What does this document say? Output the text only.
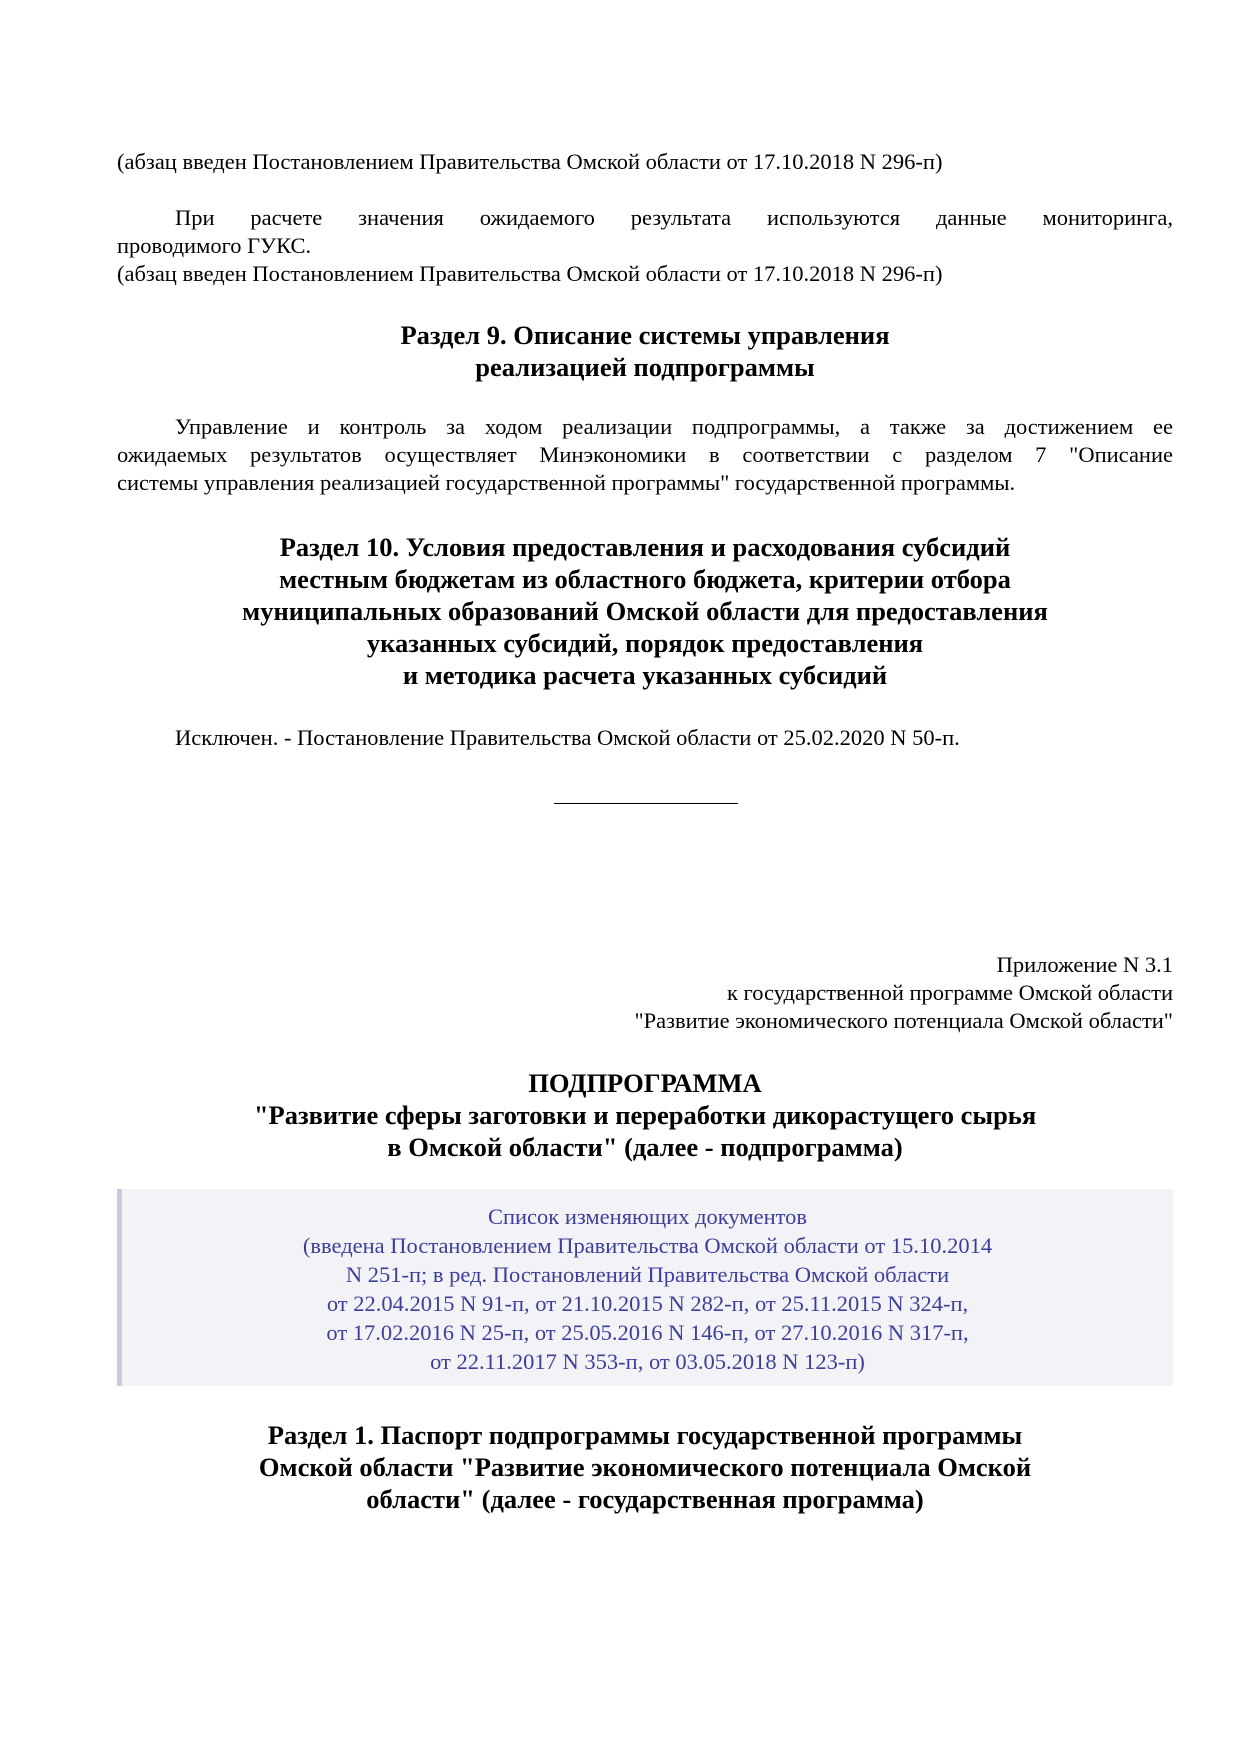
(абзац введен Постановлением Правительства Омской области от 17.10.2018 N 296-п)

При расчете значения ожидаемого результата используются данные мониторинга,

проводимого ГУКС.

(абзац введен Постановлением Правительства Омской области от 17.10.2018 N 296-п)

Раздел 9. Описание системы управления
реализацией подпрограммы

Управление и контроль за ходом реализации подпрограммы, а также за достижением ее

ожидаемых результатов осуществляет Минэкономики в соответствии с разделом 7 "Описание

системы управления реализацией государственной программы" государственной программы.

Раздел 10. Условия предоставления и расходования субсидий
местным бюджетам из областного бюджета, критерии отбора
муниципальных образований Омской области для предоставления
указанных субсидий, порядок предоставления
и методика расчета указанных субсидий

Исключен. - Постановление Правительства Омской области от 25.02.2020 N 50-п.

Приложение N 3.1
к государственной программе Омской области
"Развитие экономического потенциала Омской области"
ПОДПРОГРАММА
"Развитие сферы заготовки и переработки дикорастущего сырья
в Омской области" (далее - подпрограмма)
Список изменяющих документов
(введена Постановлением Правительства Омской области от 15.10.2014
N 251-п; в ред. Постановлений Правительства Омской области
от 22.04.2015 N 91-п, от 21.10.2015 N 282-п, от 25.11.2015 N 324-п,
от 17.02.2016 N 25-п, от 25.05.2016 N 146-п, от 27.10.2016 N 317-п,
от 22.11.2017 N 353-п, от 03.05.2018 N 123-п)
Раздел 1. Паспорт подпрограммы государственной программы
Омской области "Развитие экономического потенциала Омской
области" (далее - государственная программа)
